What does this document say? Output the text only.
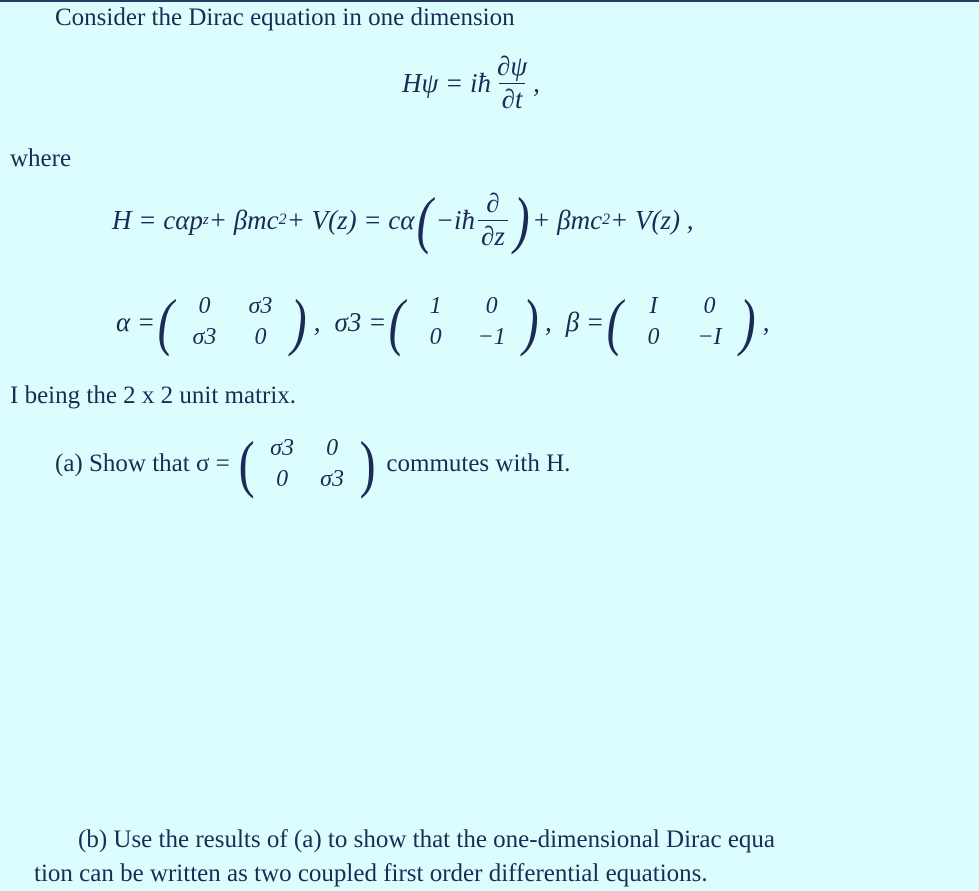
Consider the Dirac equation in one dimension
Hψ = iħ $\frac{\partial\psi}{\partial t}$ ,
where
H = cαp z + βmc 2 + V(z) = cα ( −iħ $\frac{\partial}{\partial z}$ ) + βmc 2 + V(z) ,
α = (	0	σ3
σ3	0 ) , σ3 = (	1	0
0	−1 ) , β = (	I	0
0	−I ) ,
I being the 2 x 2 unit matrix.
(a) Show that σ = ( σ3	0
0	σ3 ) commutes with H.
(b) Use the results of (a) to show that the one-dimensional Dirac equa
tion can be written as two coupled first order differential equations.
